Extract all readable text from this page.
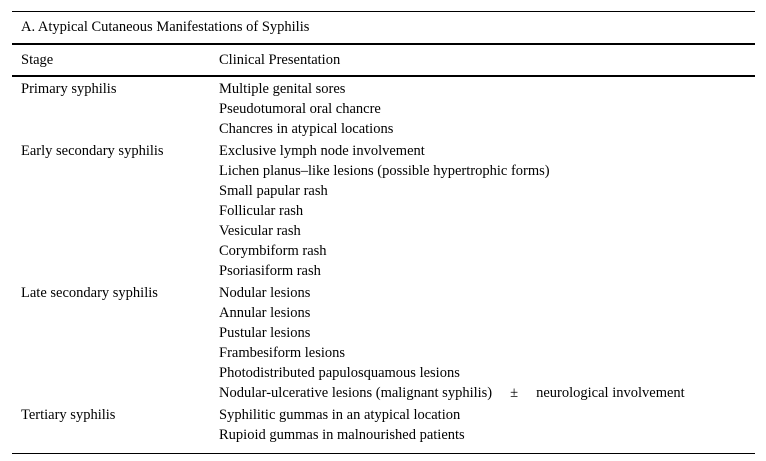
A. Atypical Cutaneous Manifestations of Syphilis
Stage	Clinical Presentation
Primary syphilis	Multiple genital sores
Pseudotumoral oral chancre
Chancres in atypical locations
Early secondary syphilis	Exclusive lymph node involvement
Lichen planus–like lesions (possible hypertrophic forms)
Small papular rash
Follicular rash
Vesicular rash
Corymbiform rash
Psoriasiform rash
Late secondary syphilis	Nodular lesions
Annular lesions
Pustular lesions
Frambesiform lesions
Photodistributed papulosquamous lesions
Nodular-ulcerative lesions (malignant syphilis) ± neurological involvement
Tertiary syphilis	Syphilitic gummas in an atypical location
Rupioid gummas in malnourished patients
